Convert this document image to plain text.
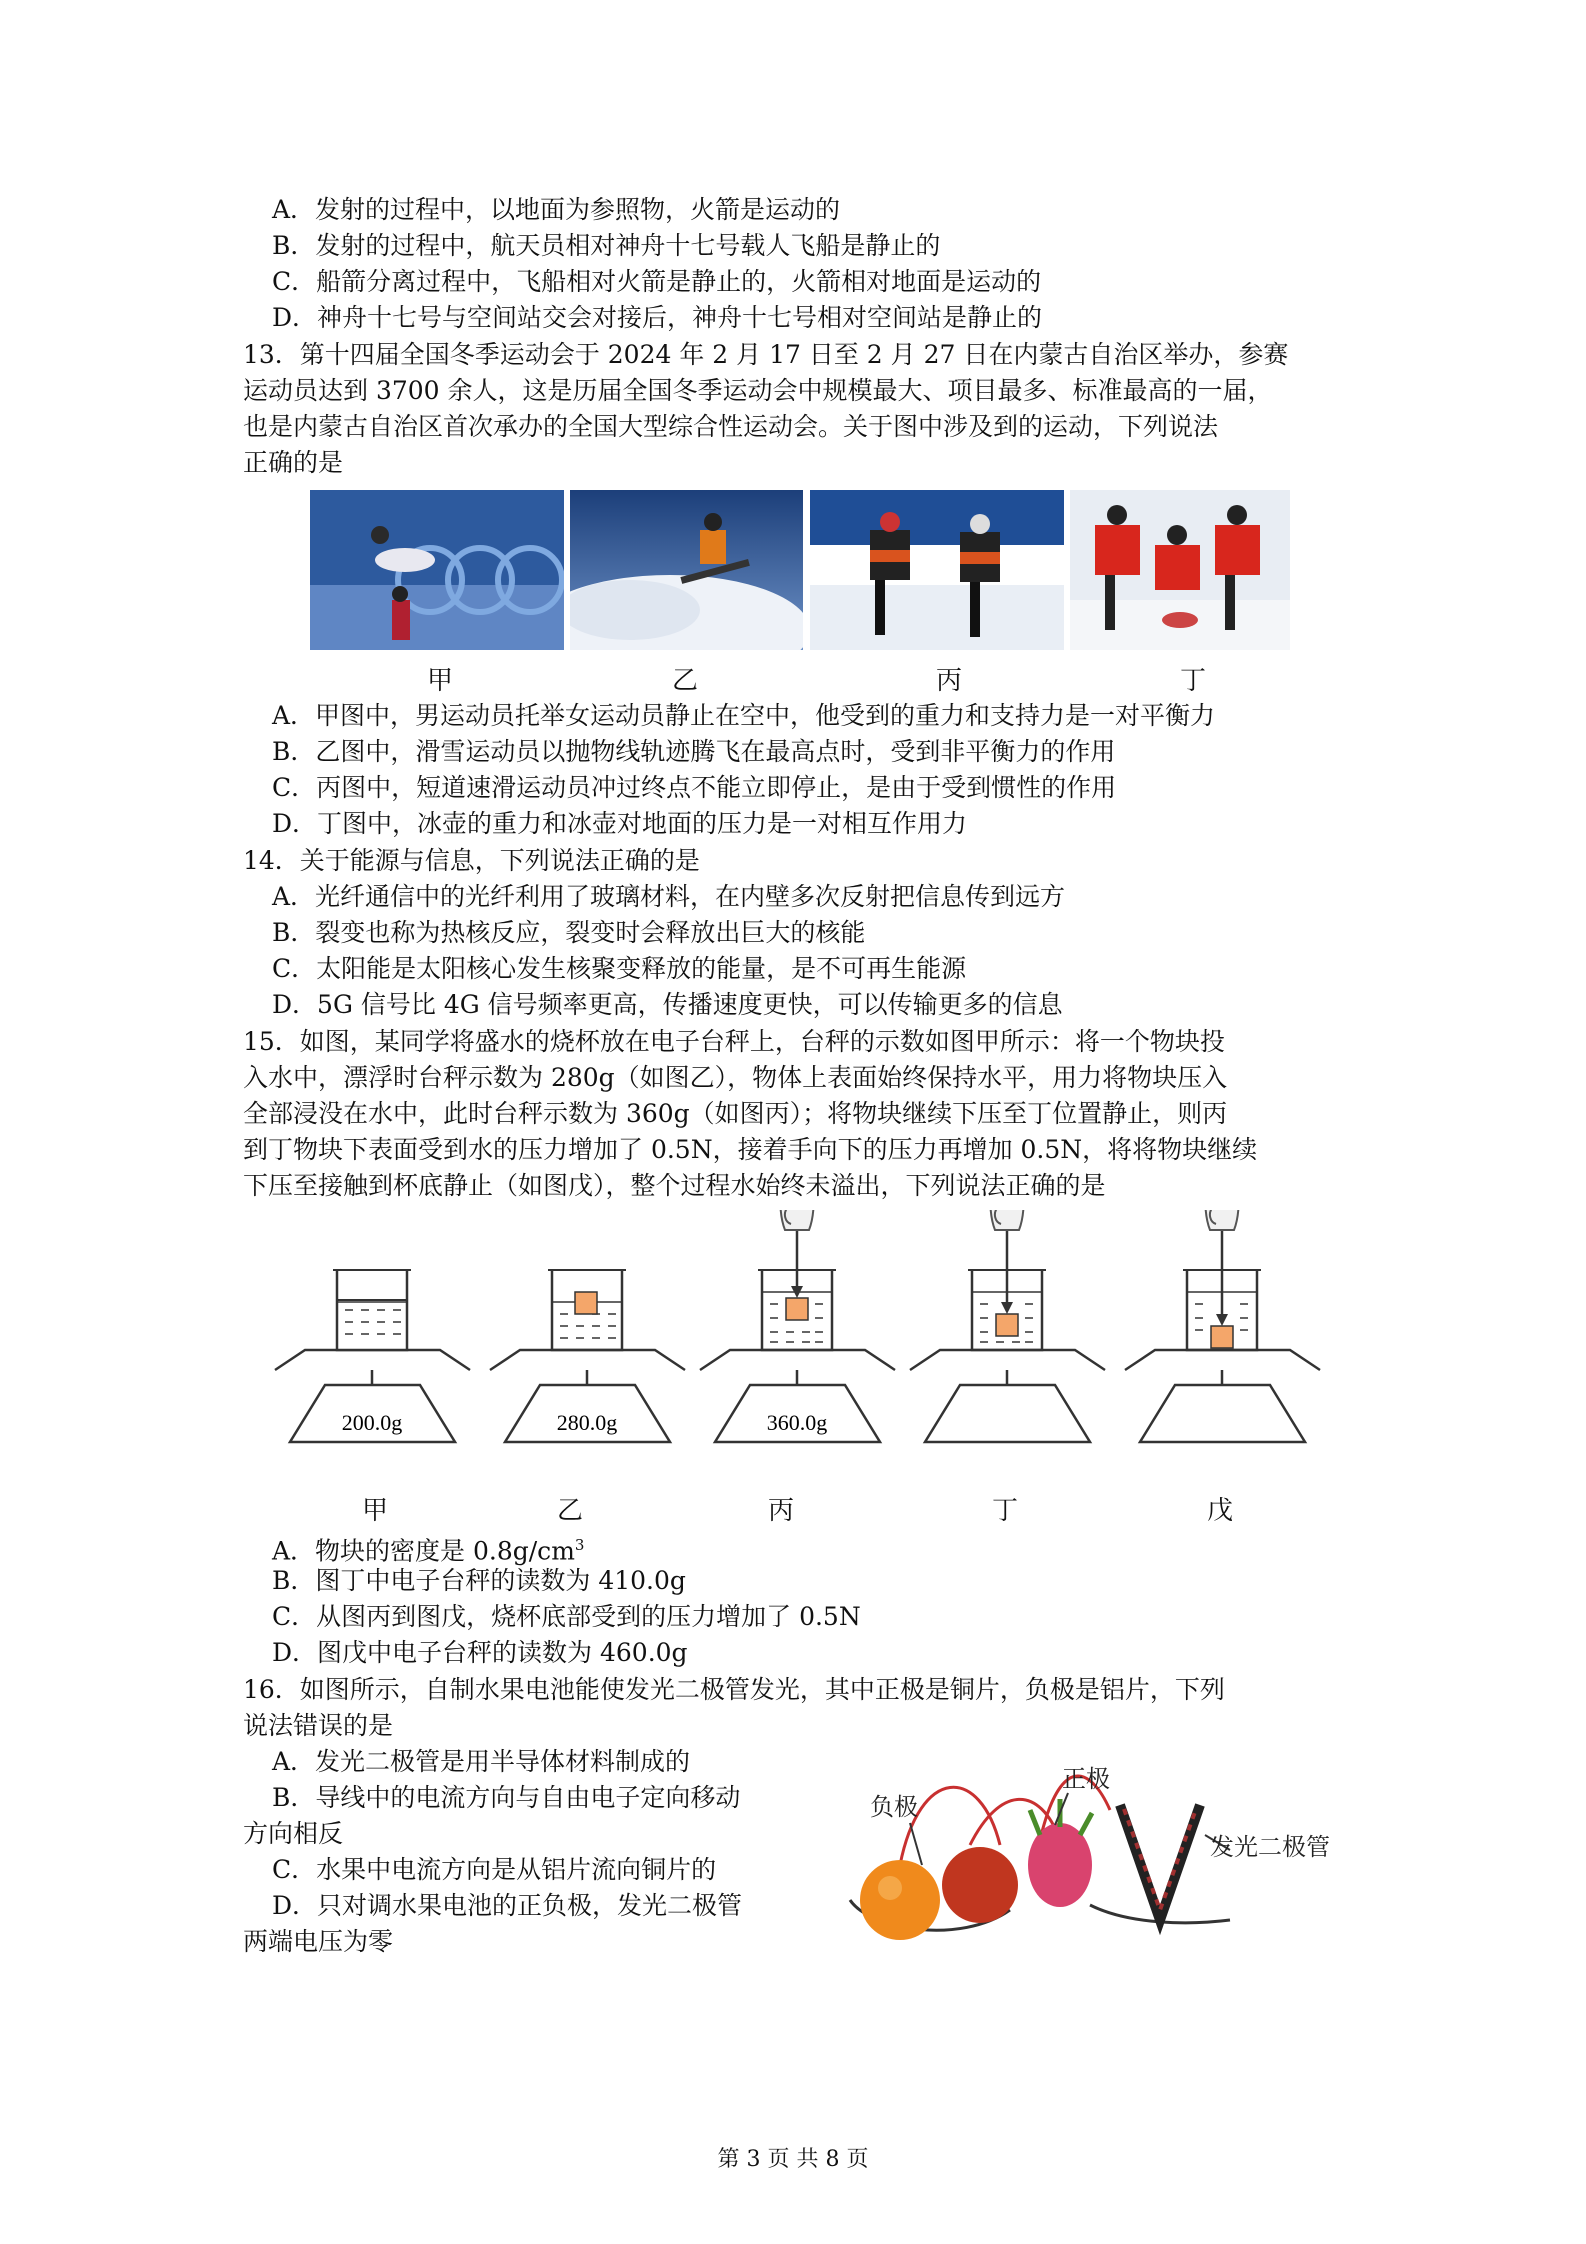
A．发射的过程中，以地面为参照物，火箭是运动的
B．发射的过程中，航天员相对神舟十七号载人飞船是静止的
C．船箭分离过程中，飞船相对火箭是静止的，火箭相对地面是运动的
D．神舟十七号与空间站交会对接后，神舟十七号相对空间站是静止的
13．第十四届全国冬季运动会于 2024 年 2 月 17 日至 2 月 27 日在内蒙古自治区举办，参赛
运动员达到 3700 余人，这是历届全国冬季运动会中规模最大、项目最多、标准最高的一届，
也是内蒙古自治区首次承办的全国大型综合性运动会。关于图中涉及到的运动，下列说法
正确的是
甲	乙	丙	丁
A．甲图中，男运动员托举女运动员静止在空中，他受到的重力和支持力是一对平衡力
B．乙图中，滑雪运动员以抛物线轨迹腾飞在最高点时，受到非平衡力的作用
C．丙图中，短道速滑运动员冲过终点不能立即停止，是由于受到惯性的作用
D．丁图中，冰壶的重力和冰壶对地面的压力是一对相互作用力
14．关于能源与信息，下列说法正确的是
A．光纤通信中的光纤利用了玻璃材料，在内壁多次反射把信息传到远方
B．裂变也称为热核反应，裂变时会释放出巨大的核能
C．太阳能是太阳核心发生核聚变释放的能量，是不可再生能源
D．5G 信号比 4G 信号频率更高，传播速度更快，可以传输更多的信息
15．如图，某同学将盛水的烧杯放在电子台秤上，台秤的示数如图甲所示：将一个物块投
入水中，漂浮时台秤示数为 280g（如图乙），物体上表面始终保持水平，用力将物块压入
全部浸没在水中，此时台秤示数为 360g（如图丙）；将物块继续下压至丁位置静止，则丙
到丁物块下表面受到水的压力增加了 0.5N，接着手向下的压力再增加 0.5N，将将物块继续
下压至接触到杯底静止（如图戊），整个过程水始终未溢出，下列说法正确的是
200.0g	280.0g	360.0g
甲	乙	丙	丁	戊
A．物块的密度是 $0.8g/cm^3$
B．图丁中电子台秤的读数为 410.0g
C．从图丙到图戊，烧杯底部受到的压力增加了 0.5N
D．图戊中电子台秤的读数为 460.0g
16．如图所示，自制水果电池能使发光二极管发光，其中正极是铜片，负极是铝片，下列
说法错误的是
A．发光二极管是用半导体材料制成的
B．导线中的电流方向与自由电子定向移动
方向相反
C．水果中电流方向是从铝片流向铜片的
D．只对调水果电池的正负极，发光二极管
两端电压为零
负极
正极
发光二极管
第 3 页 共 8 页
